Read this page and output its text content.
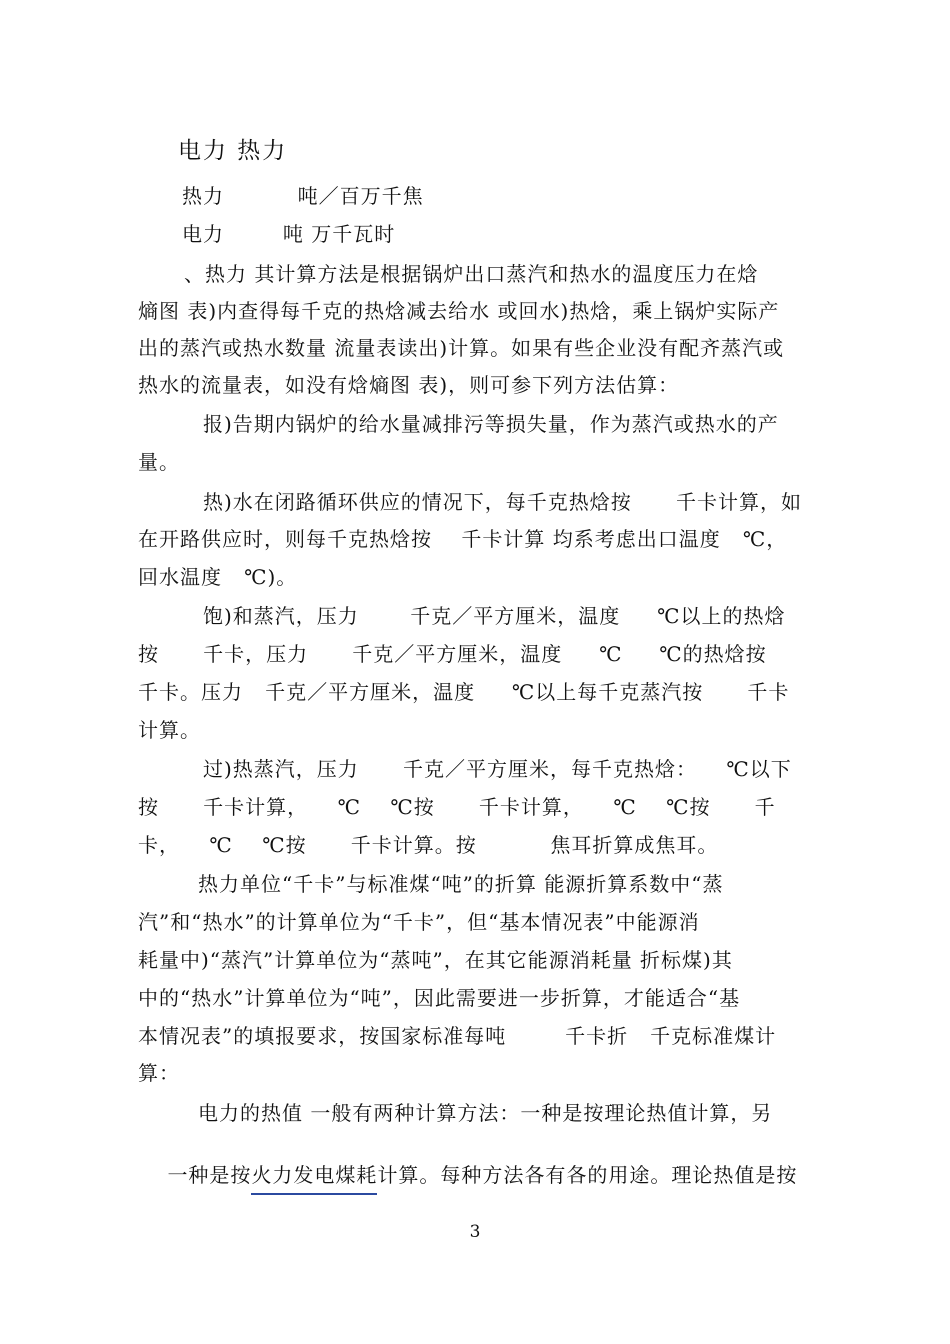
电力 热力
热力          吨／百万千焦
电力        吨 万千瓦时
、热力 其计算方法是根据锅炉出口蒸汽和热水的温度压力在焓
熵图 表)内查得每千克的热焓减去给水 或回水)热焓，乘上锅炉实际产
出的蒸汽或热水数量 流量表读出)计算。如果有些企业没有配齐蒸汽或
热水的流量表，如没有焓熵图 表)，则可参下列方法估算：
报)告期内锅炉的给水量减排污等损失量，作为蒸汽或热水的产
量。
热)水在闭路循环供应的情况下，每千克热焓按      千卡计算，如
在开路供应时，则每千克热焓按    千卡计算 均系考虑出口温度   ℃，
回水温度   ℃)。
饱)和蒸汽，压力       千克／平方厘米，温度     ℃以上的热焓
按      千卡，压力      千克／平方厘米，温度     ℃     ℃的热焓按
千卡。压力   千克／平方厘米，温度     ℃以上每千克蒸汽按      千卡
计算。
过)热蒸汽，压力      千克／平方厘米，每千克热焓：    ℃以下
按      千卡计算，    ℃    ℃按      千卡计算，    ℃    ℃按      千
卡，    ℃    ℃按      千卡计算。按          焦耳折算成焦耳。
热力单位“千卡”与标准煤“吨”的折算 能源折算系数中“蒸
汽”和“热水”的计算单位为“千卡”，但“基本情况表”中能源消
耗量中)“蒸汽”计算单位为“蒸吨”，在其它能源消耗量 折标煤)其
中的“热水”计算单位为“吨”，因此需要进一步折算，才能适合“基
本情况表”的填报要求，按国家标准每吨        千卡折   千克标准煤计
算：
电力的热值 一般有两种计算方法：一种是按理论热值计算，另

一种是按火力发电煤耗计算。每种方法各有各的用途。理论热值是按

3
